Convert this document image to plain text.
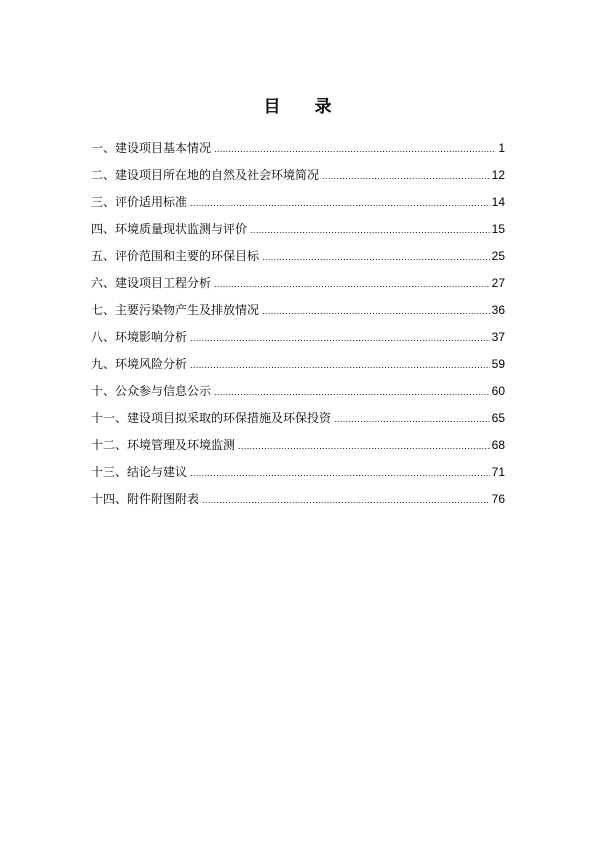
目 录
一、建设项目基本情况 .....	1
二、建设项目所在地的自然及社会环境简况 .....	12
三、评价适用标准 .....	14
四、环境质量现状监测与评价 .....	15
五、评价范围和主要的环保目标 .....	25
六、建设项目工程分析 .....	27
七、主要污染物产生及排放情况 .....	36
八、环境影响分析 .....	37
九、环境风险分析 .....	59
十、公众参与信息公示 .....	60
十一、建设项目拟采取的环保措施及环保投资 .....	65
十二、环境管理及环境监测 .....	68
十三、结论与建议 .....	71
十四、附件附图附表 .....	76
